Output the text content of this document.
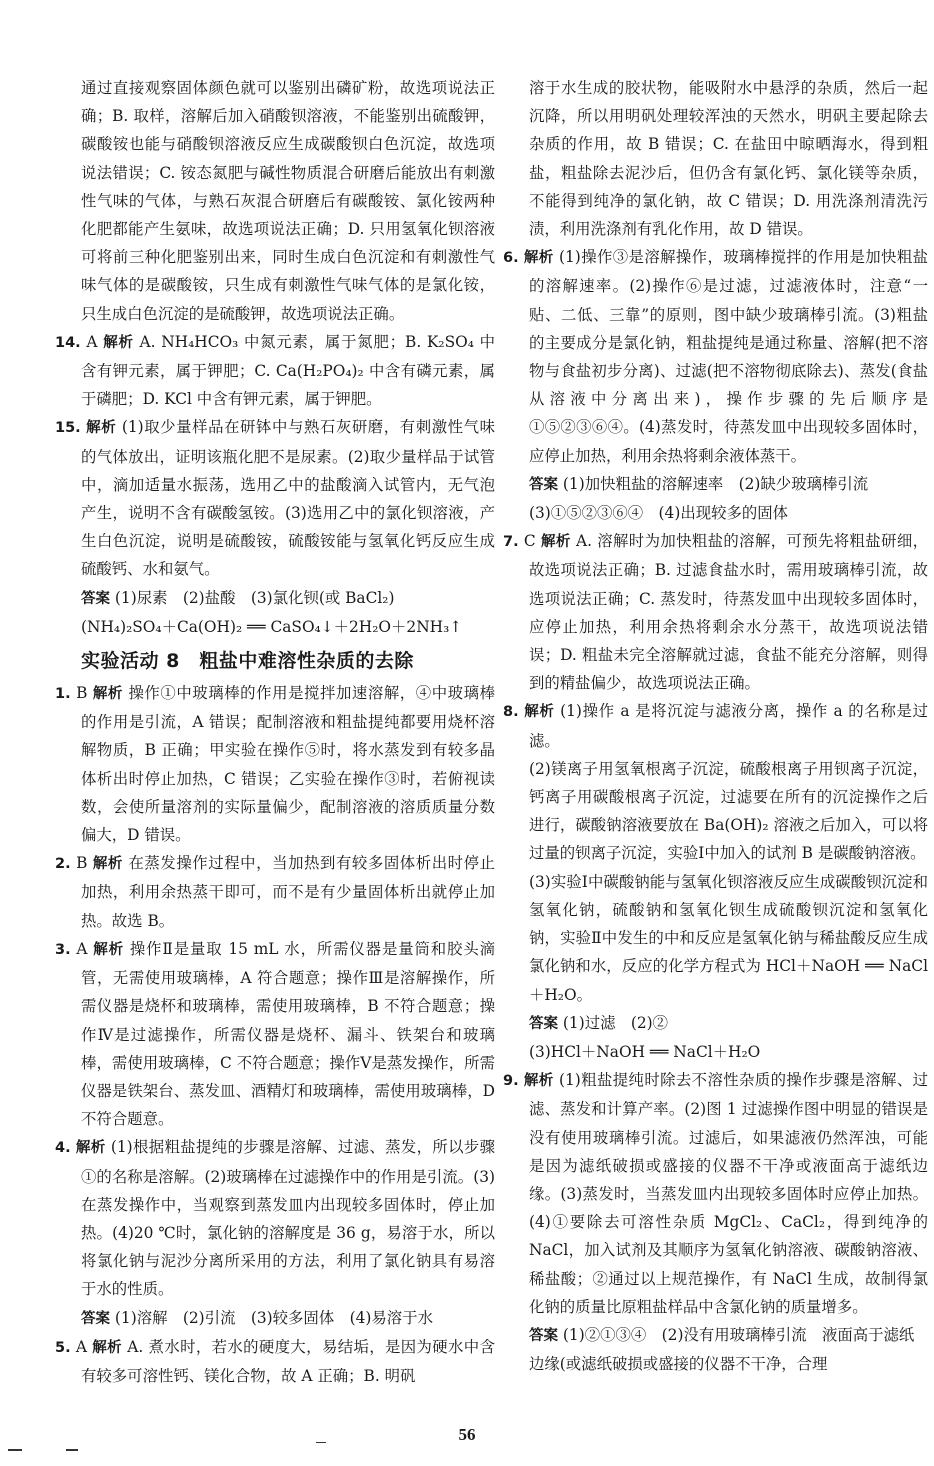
通过直接观察固体颜色就可以鉴别出磷矿粉，故选项说法正确；B. 取样，溶解后加入硝酸钡溶液，不能鉴别出硫酸钾，碳酸铵也能与硝酸钡溶液反应生成碳酸钡白色沉淀，故选项说法错误；C. 铵态氮肥与碱性物质混合研磨后能放出有刺激性气味的气体，与熟石灰混合研磨后有碳酸铵、氯化铵两种化肥都能产生氨味，故选项说法正确；D. 只用氢氧化钡溶液可将前三种化肥鉴别出来，同时生成白色沉淀和有刺激性气味气体的是碳酸铵，只生成有刺激性气味气体的是氯化铵，只生成白色沉淀的是硫酸钾，故选项说法正确。

14. A 解析 A. NH₄HCO₃ 中氮元素，属于氮肥；B. K₂SO₄ 中含有钾元素，属于钾肥；C. Ca(H₂PO₄)₂ 中含有磷元素，属于磷肥；D. KCl 中含有钾元素，属于钾肥。

15. 解析 (1)取少量样品在研钵中与熟石灰研磨，有刺激性气味的气体放出，证明该瓶化肥不是尿素。(2)取少量样品于试管中，滴加适量水振荡，选用乙中的盐酸滴入试管内，无气泡产生，说明不含有碳酸氢铵。(3)选用乙中的氯化钡溶液，产生白色沉淀，说明是硫酸铵，硫酸铵能与氢氧化钙反应生成硫酸钙、水和氨气。

答案 (1)尿素　(2)盐酸　(3)氯化钡(或 BaCl₂)

(NH₄)₂SO₄＋Ca(OH)₂ ══ CaSO₄↓＋2H₂O＋2NH₃↑

实验活动 8　粗盐中难溶性杂质的去除

1. B 解析 操作①中玻璃棒的作用是搅拌加速溶解，④中玻璃棒的作用是引流，A 错误；配制溶液和粗盐提纯都要用烧杯溶解物质，B 正确；甲实验在操作⑤时，将水蒸发到有较多晶体析出时停止加热，C 错误；乙实验在操作③时，若俯视读数，会使所量溶剂的实际量偏少，配制溶液的溶质质量分数偏大，D 错误。

2. B 解析 在蒸发操作过程中，当加热到有较多固体析出时停止加热，利用余热蒸干即可，而不是有少量固体析出就停止加热。故选 B。

3. A 解析 操作Ⅱ是量取 15 mL 水，所需仪器是量筒和胶头滴管，无需使用玻璃棒，A 符合题意；操作Ⅲ是溶解操作，所需仪器是烧杯和玻璃棒，需使用玻璃棒，B 不符合题意；操作Ⅳ是过滤操作，所需仪器是烧杯、漏斗、铁架台和玻璃棒，需使用玻璃棒，C 不符合题意；操作Ⅴ是蒸发操作，所需仪器是铁架台、蒸发皿、酒精灯和玻璃棒，需使用玻璃棒，D 不符合题意。

4. 解析 (1)根据粗盐提纯的步骤是溶解、过滤、蒸发，所以步骤①的名称是溶解。(2)玻璃棒在过滤操作中的作用是引流。(3)在蒸发操作中，当观察到蒸发皿内出现较多固体时，停止加热。(4)20 ℃时，氯化钠的溶解度是 36 g，易溶于水，所以将氯化钠与泥沙分离所采用的方法，利用了氯化钠具有易溶于水的性质。

答案 (1)溶解　(2)引流　(3)较多固体　(4)易溶于水

5. A 解析 A. 煮水时，若水的硬度大，易结垢，是因为硬水中含有较多可溶性钙、镁化合物，故 A 正确；B. 明矾

溶于水生成的胶状物，能吸附水中悬浮的杂质，然后一起沉降，所以用明矾处理较浑浊的天然水，明矾主要起除去杂质的作用，故 B 错误；C. 在盐田中晾晒海水，得到粗盐，粗盐除去泥沙后，但仍含有氯化钙、氯化镁等杂质，不能得到纯净的氯化钠，故 C 错误；D. 用洗涤剂清洗污渍，利用洗涤剂有乳化作用，故 D 错误。

6. 解析 (1)操作③是溶解操作，玻璃棒搅拌的作用是加快粗盐的溶解速率。(2)操作⑥是过滤，过滤液体时，注意“一贴、二低、三靠”的原则，图中缺少玻璃棒引流。(3)粗盐的主要成分是氯化钠，粗盐提纯是通过称量、溶解(把不溶物与食盐初步分离)、过滤(把不溶物彻底除去)、蒸发(食盐从溶液中分离出来)，操作步骤的先后顺序是①⑤②③⑥④。(4)蒸发时，待蒸发皿中出现较多固体时，应停止加热，利用余热将剩余液体蒸干。

答案 (1)加快粗盐的溶解速率　(2)缺少玻璃棒引流

(3)①⑤②③⑥④　(4)出现较多的固体

7. C 解析 A. 溶解时为加快粗盐的溶解，可预先将粗盐研细，故选项说法正确；B. 过滤食盐水时，需用玻璃棒引流，故选项说法正确；C. 蒸发时，待蒸发皿中出现较多固体时，应停止加热，利用余热将剩余水分蒸干，故选项说法错误；D. 粗盐未完全溶解就过滤，食盐不能充分溶解，则得到的精盐偏少，故选项说法正确。

8. 解析 (1)操作 a 是将沉淀与滤液分离，操作 a 的名称是过滤。

(2)镁离子用氢氧根离子沉淀，硫酸根离子用钡离子沉淀，钙离子用碳酸根离子沉淀，过滤要在所有的沉淀操作之后进行，碳酸钠溶液要放在 Ba(OH)₂ 溶液之后加入，可以将过量的钡离子沉淀，实验Ⅰ中加入的试剂 B 是碳酸钠溶液。

(3)实验Ⅰ中碳酸钠能与氢氧化钡溶液反应生成碳酸钡沉淀和氢氧化钠，硫酸钠和氢氧化钡生成硫酸钡沉淀和氢氧化钠，实验Ⅱ中发生的中和反应是氢氧化钠与稀盐酸反应生成氯化钠和水，反应的化学方程式为 HCl＋NaOH ══ NaCl＋H₂O。

答案 (1)过滤　(2)②

(3)HCl＋NaOH ══ NaCl＋H₂O

9. 解析 (1)粗盐提纯时除去不溶性杂质的操作步骤是溶解、过滤、蒸发和计算产率。(2)图 1 过滤操作图中明显的错误是没有使用玻璃棒引流。过滤后，如果滤液仍然浑浊，可能是因为滤纸破损或盛接的仪器不干净或液面高于滤纸边缘。(3)蒸发时，当蒸发皿内出现较多固体时应停止加热。(4)①要除去可溶性杂质 MgCl₂、CaCl₂，得到纯净的 NaCl，加入试剂及其顺序为氢氧化钠溶液、碳酸钠溶液、稀盐酸；②通过以上规范操作，有 NaCl 生成，故制得氯化钠的质量比原粗盐样品中含氯化钠的质量增多。

答案 (1)②①③④　(2)没有用玻璃棒引流　液面高于滤纸边缘(或滤纸破损或盛接的仪器不干净，合理

56
